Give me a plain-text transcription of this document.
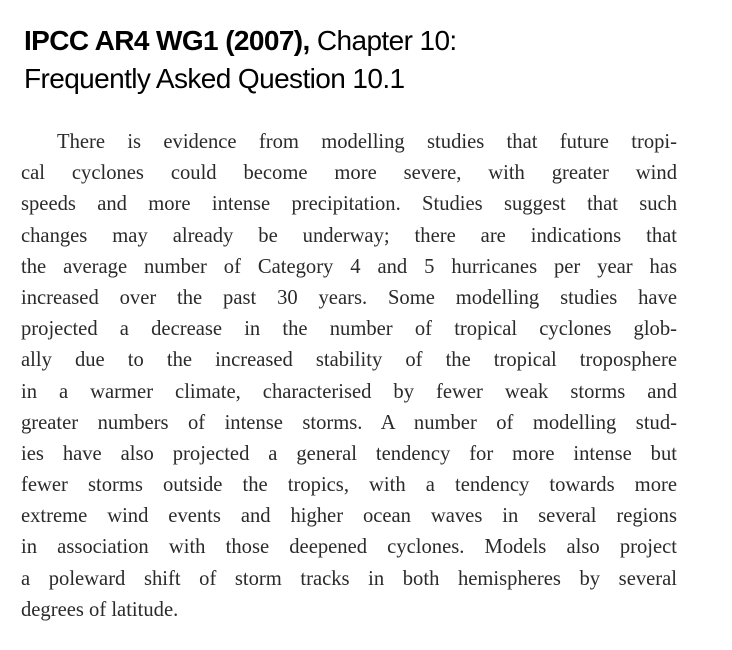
IPCC AR4 WG1 (2007), Chapter 10:
Frequently Asked Question 10.1
There is evidence from modelling studies that future tropi-
cal cyclones could become more severe, with greater wind
speeds and more intense precipitation. Studies suggest that such
changes may already be underway; there are indications that
the average number of Category 4 and 5 hurricanes per year has
increased over the past 30 years. Some modelling studies have
projected a decrease in the number of tropical cyclones glob-
ally due to the increased stability of the tropical troposphere
in a warmer climate, characterised by fewer weak storms and
greater numbers of intense storms. A number of modelling stud-
ies have also projected a general tendency for more intense but
fewer storms outside the tropics, with a tendency towards more
extreme wind events and higher ocean waves in several regions
in association with those deepened cyclones. Models also project
a poleward shift of storm tracks in both hemispheres by several
degrees of latitude.
